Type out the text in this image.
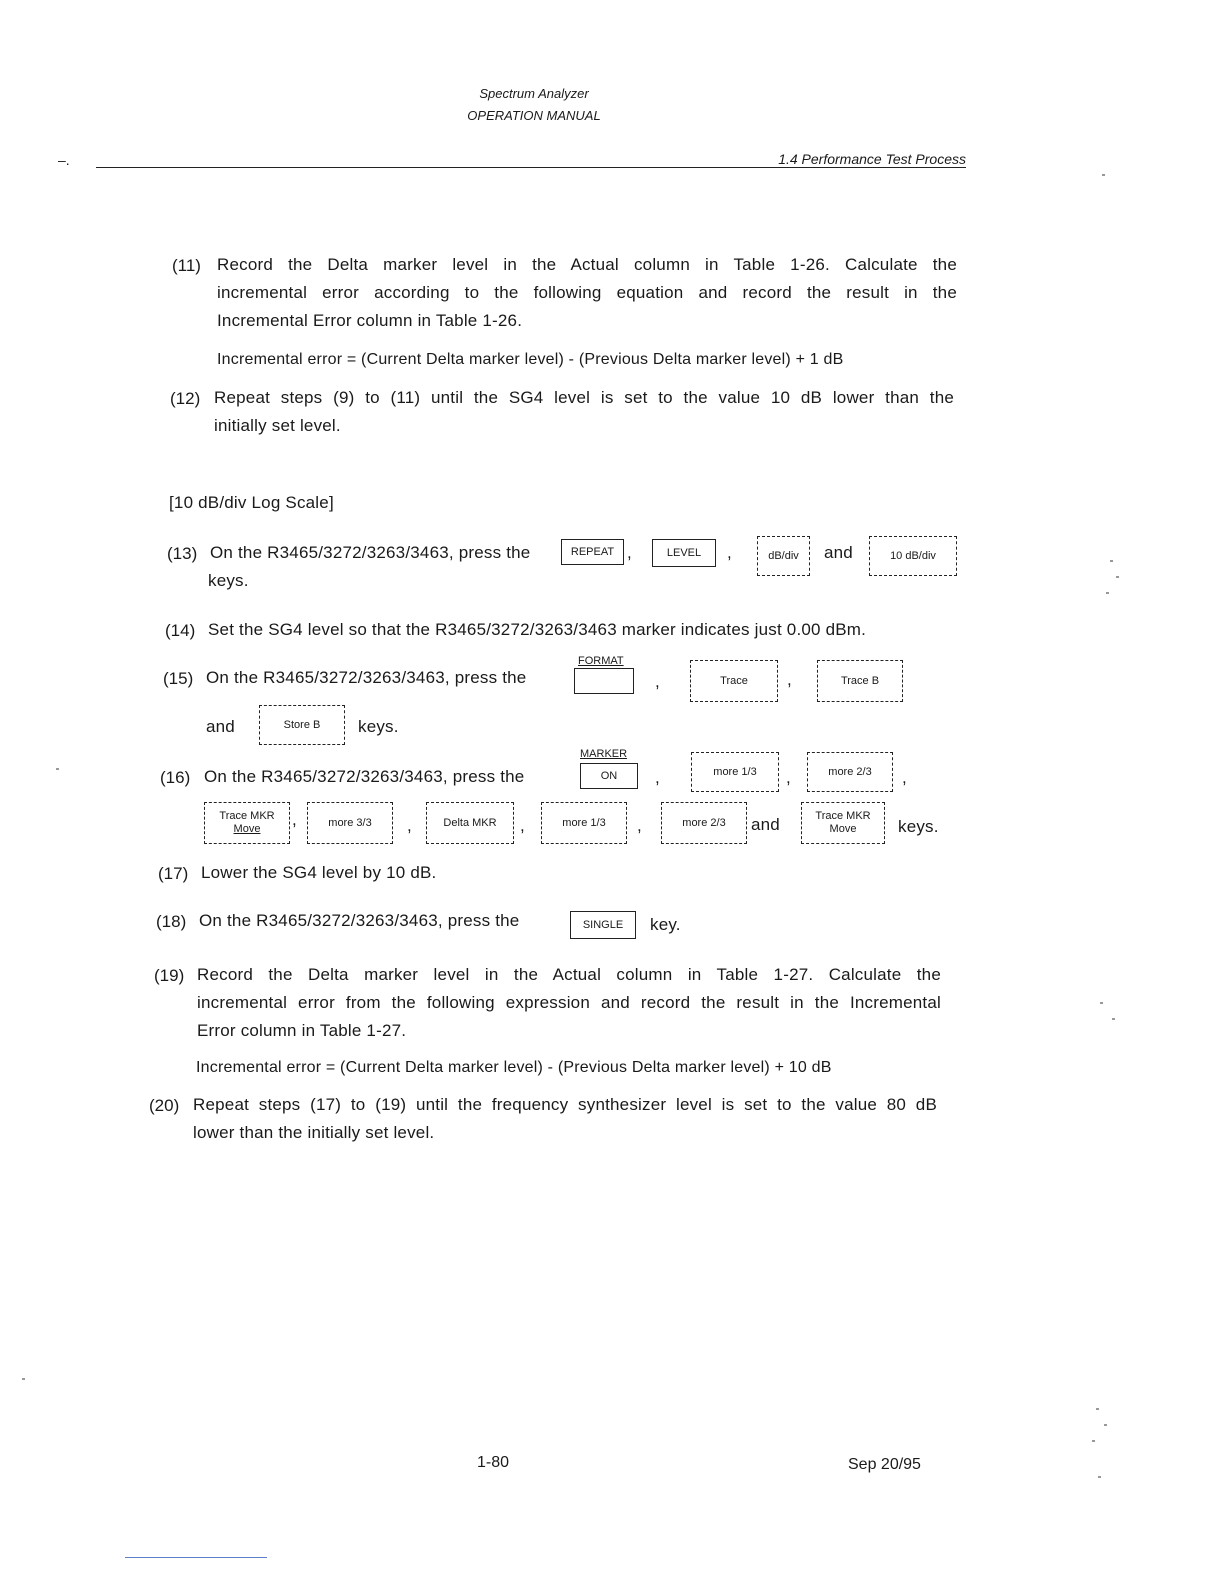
Spectrum Analyzer
OPERATION MANUAL
1.4 Performance Test Process
–.
(11) Record the Delta marker level in the Actual column in Table 1-26. Calculate the
incremental error according to the following equation and record the result in the
Incremental Error column in Table 1-26.
Incremental error = (Current Delta marker level) - (Previous Delta marker level) + 1 dB
(12) Repeat steps (9) to (11) until the SG4 level is set to the value 10 dB lower than the
initially set level.
[10 dB/div Log Scale]
(13) On the R3465/3272/3263/3463, press the	REPEAT ,	LEVEL	,	dB/div	and	10 dB/div
keys.
(14) Set the SG4 level so that the R3465/3272/3263/3463 marker indicates just 0.00 dBm.
(15) On the R3465/3272/3263/3463, press the
FORMAT
,	Trace	,	Trace B
and	Store B	keys.
(16) On the R3465/3272/3263/3463, press the
MARKER
ON	,	more 1/3	,	more 2/3	,
Trace MKR
Move ,	more 3/3	,	Delta MKR	,	more 1/3	,	more 2/3	and	Trace MKR
Move keys.
(17) Lower the SG4 level by 10 dB.
(18) On the R3465/3272/3263/3463, press the	SINGLE	key.
(19) Record the Delta marker level in the Actual column in Table 1-27. Calculate the
incremental error from the following expression and record the result in the Incremental
Error column in Table 1-27.
Incremental error = (Current Delta marker level) - (Previous Delta marker level) + 10 dB
(20) Repeat steps (17) to (19) until the frequency synthesizer level is set to the value 80 dB
lower than the initially set level.
1-80	Sep 20/95
